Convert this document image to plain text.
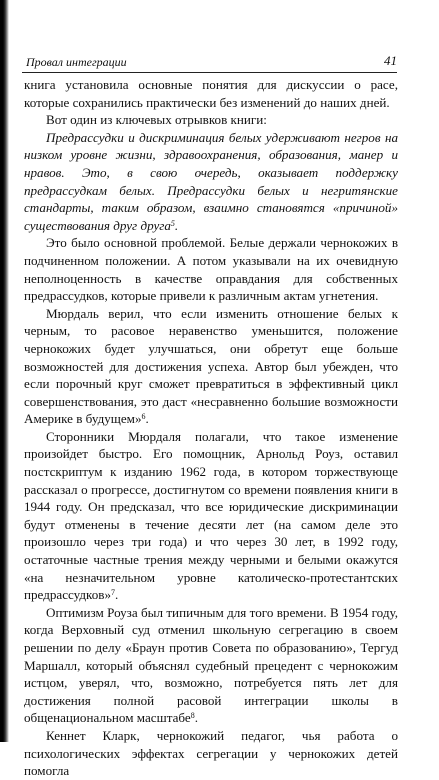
Провал интеграции	41

книга установила основные понятия для дискуссии о расе, которые сохранились практически без изменений до наших дней.

Вот один из ключевых отрывков книги:

Предрассудки и дискриминация белых удерживают негров на низком уровне жизни, здравоохранения, образования, манер и нравов. Это, в свою очередь, оказывает поддержку предрассудкам белых. Предрассудки белых и негритянские стандарты, таким образом, взаимно становятся «причиной» существования друг друга$^5$.

Это было основной проблемой. Белые держали чернокожих в подчиненном положении. А потом указывали на их очевидную неполноценность в качестве оправдания для собственных предрассудков, которые привели к различным актам угнетения.

Мюрдаль верил, что если изменить отношение белых к черным, то расовое неравенство уменьшится, положение чернокожих будет улучшаться, они обретут еще больше возможностей для достижения успеха. Автор был убежден, что если порочный круг сможет превратиться в эффективный цикл совершенствования, это даст «несравненно большие возможности Америке в будущем»$^6$.

Сторонники Мюрдаля полагали, что такое изменение произойдет быстро. Его помощник, Арнольд Роуз, оставил постскриптум к изданию 1962 года, в котором торжествующе рассказал о прогрессе, достигнутом со времени появления книги в 1944 году. Он предсказал, что все юридические дискриминации будут отменены в течение десяти лет (на самом деле это произошло через три года) и что через 30 лет, в 1992 году, остаточные частные трения между черными и белыми окажутся «на незначительном уровне католическо-протестантских предрассудков»$^7$.

Оптимизм Роуза был типичным для того времени. В 1954 году, когда Верховный суд отменил школьную сегрегацию в своем решении по делу «Браун против Совета по образованию», Тергуд Маршалл, который объяснял судебный прецедент с чернокожим истцом, уверял, что, возможно, потребуется пять лет для достижения полной расовой интеграции школы в общенациональном масштабе$^8$.

Кеннет Кларк, чернокожий педагог, чья работа о психологических эффектах сегрегации у чернокожих детей помогла
